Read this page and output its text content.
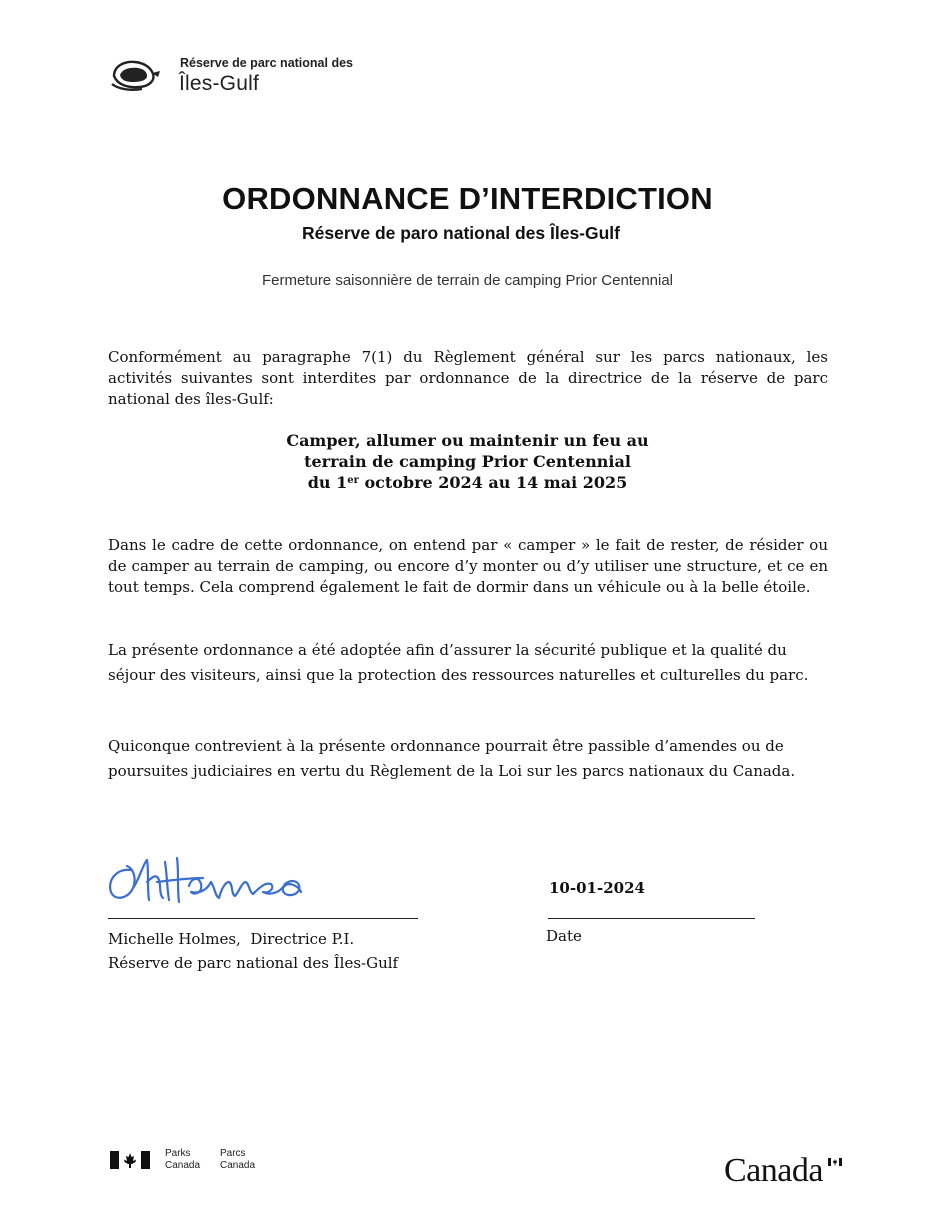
Réserve de parc national des
Îles-Gulf
ORDONNANCE D’INTERDICTION
Réserve de paro national des Îles-Gulf
Fermeture saisonnière de terrain de camping Prior Centennial
Conformément au paragraphe 7(1) du Règlement général sur les parcs nationaux, les activités suivantes sont interdites par ordonnance de la directrice de la réserve de parc national des îles-Gulf:
Camper, allumer ou maintenir un feu au
terrain de camping Prior Centennial
du 1er octobre 2024 au 14 mai 2025
Dans le cadre de cette ordonnance, on entend par « camper » le fait de rester, de résider ou de camper au terrain de camping, ou encore d’y monter ou d’y utiliser une structure, et ce en tout temps. Cela comprend également le fait de dormir dans un véhicule ou à la belle étoile.
La présente ordonnance a été adoptée afin d’assurer la sécurité publique et la qualité du séjour des visiteurs, ainsi que la protection des ressources naturelles et culturelles du parc.
Quiconque contrevient à la présente ordonnance pourrait être passible d’amendes ou de poursuites judiciaires en vertu du Règlement de la Loi sur les parcs nationaux du Canada.
10-01-2024
Michelle Holmes,  Directrice P.I.
Réserve de parc national des Îles-Gulf
Date
Parks
Canada
Parcs
Canada	Canada
